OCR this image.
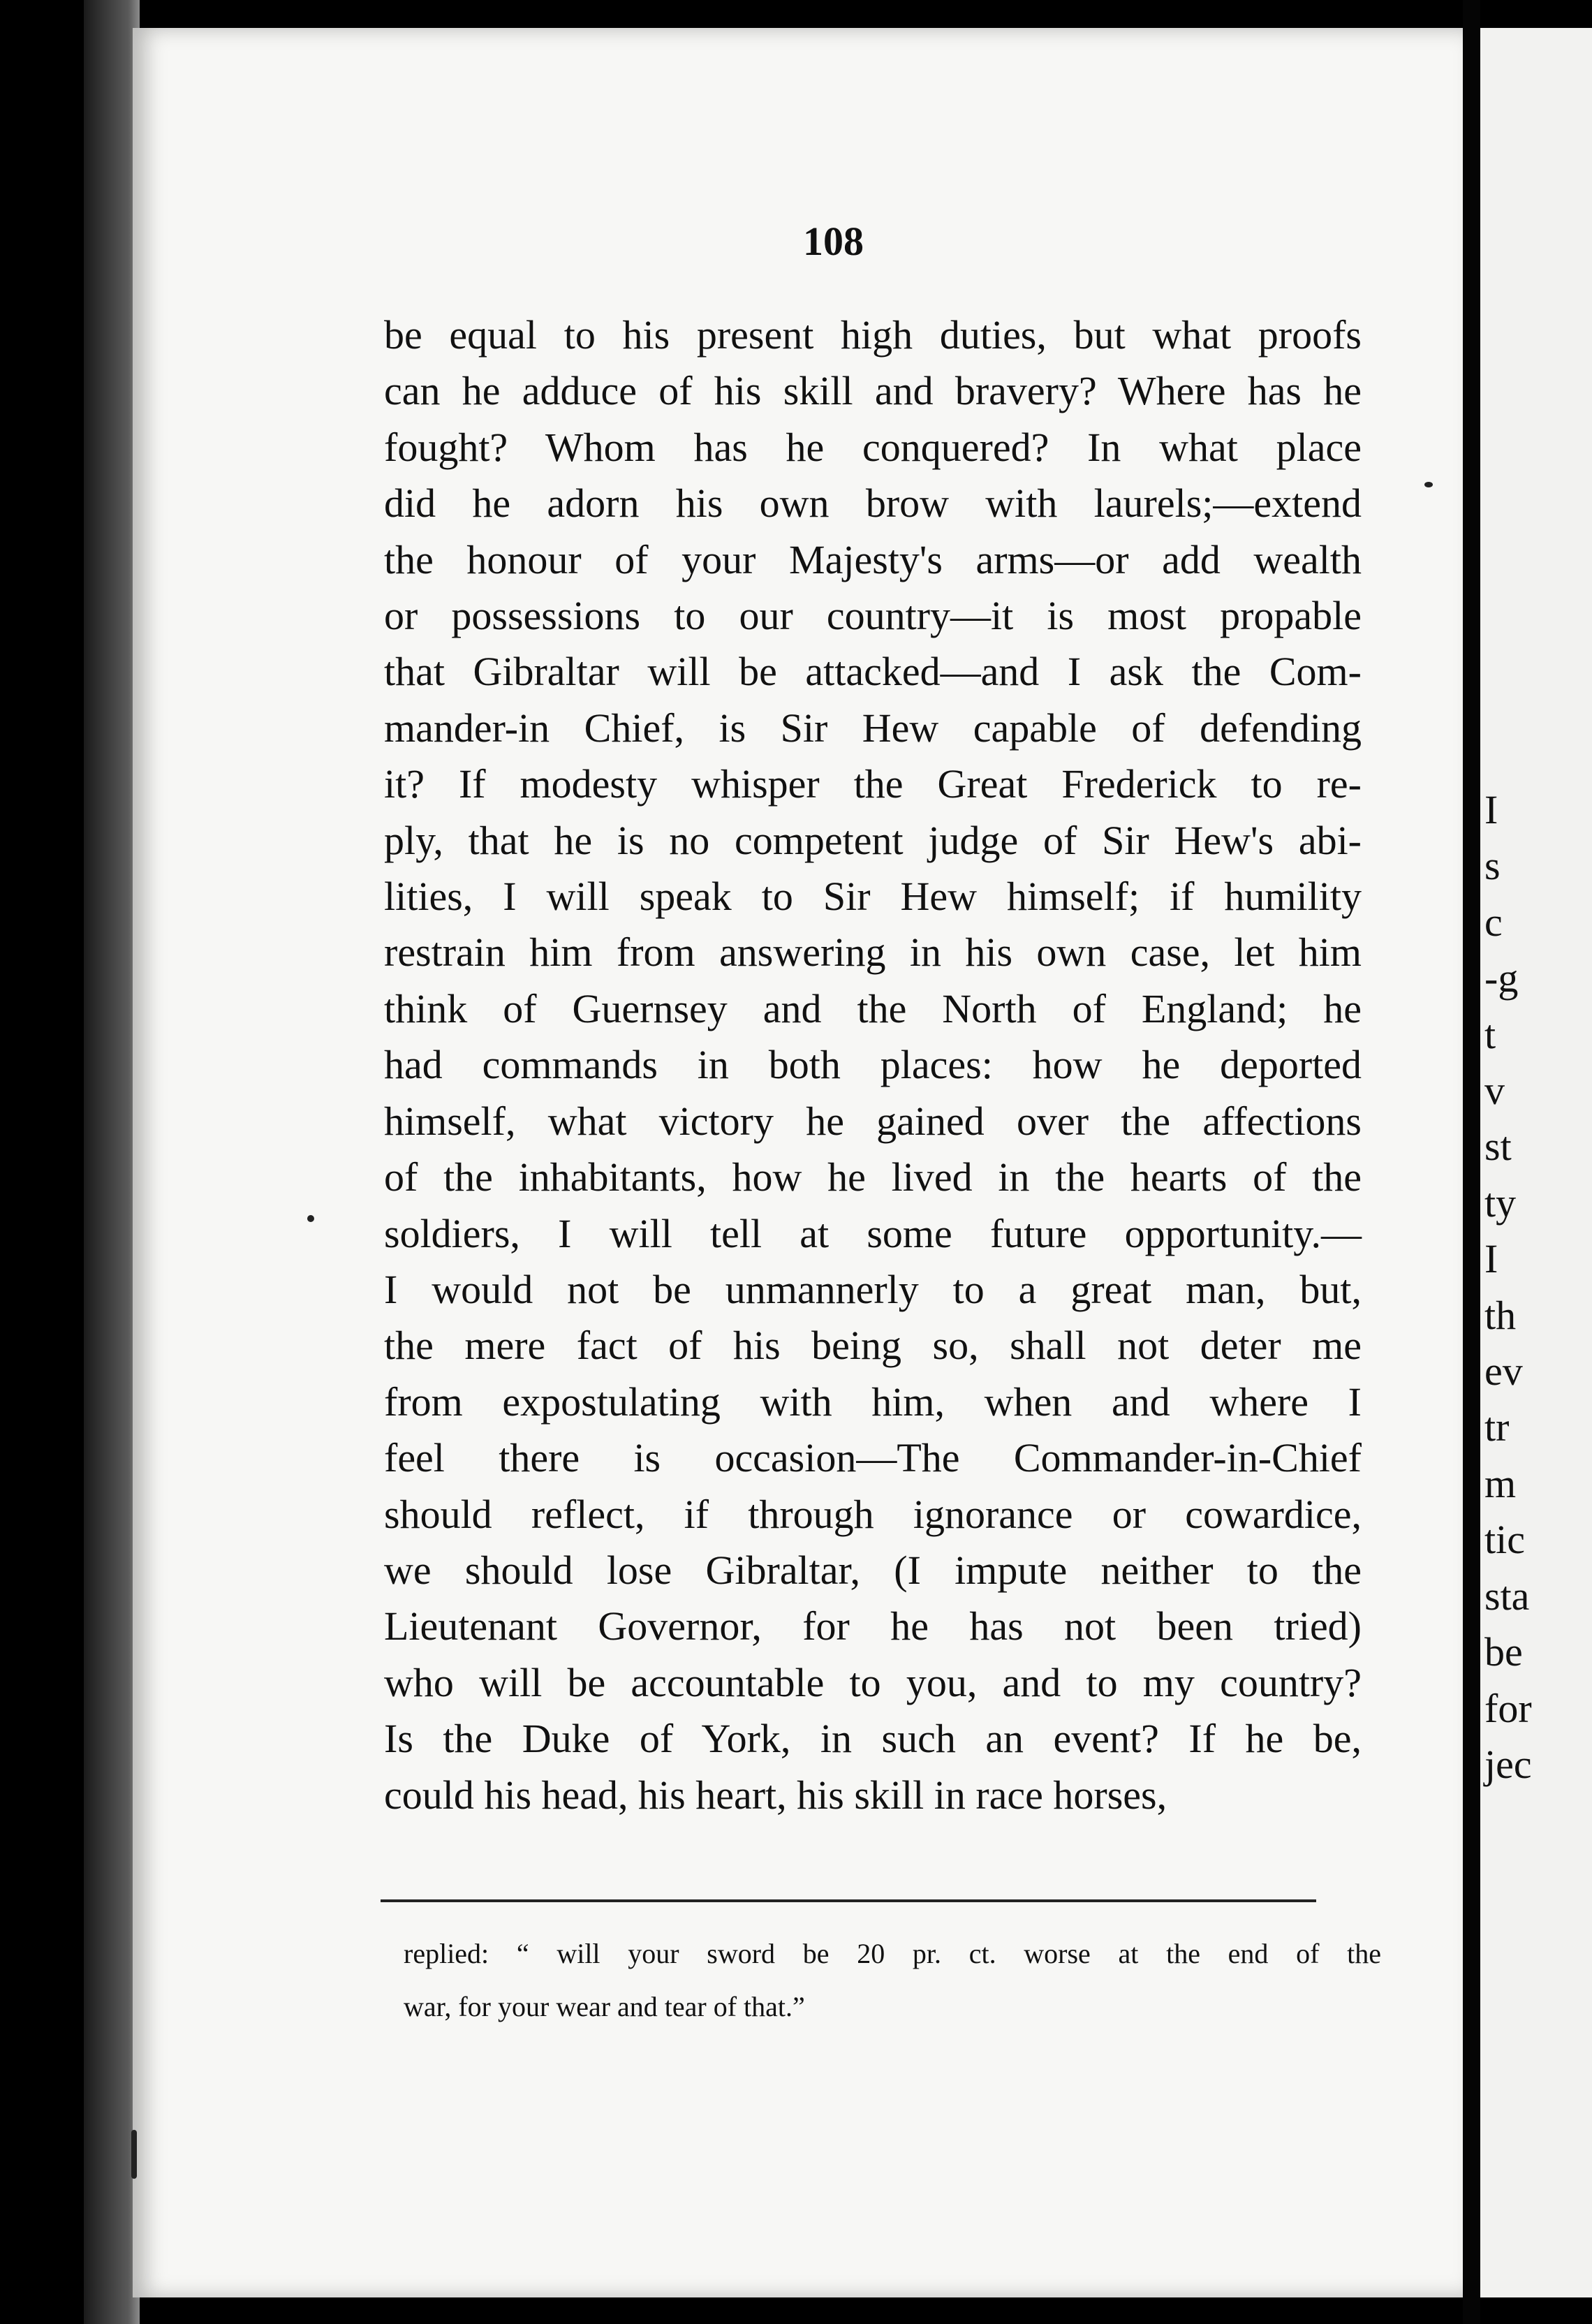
108
be equal to his present high duties, but what proofs
can he adduce of his skill and bravery? Where has he
fought? Whom has he conquered? In what place
did he adorn his own brow with laurels;—extend
the honour of your Majesty's arms—or add wealth
or possessions to our country—it is most propable
that Gibraltar will be attacked—and I ask the Com-
mander-in Chief, is Sir Hew capable of defending
it? If modesty whisper the Great Frederick to re-
ply, that he is no competent judge of Sir Hew's abi-
lities, I will speak to Sir Hew himself; if humility
restrain him from answering in his own case, let him
think of Guernsey and the North of England; he
had commands in both places: how he deported
himself, what victory he gained over the affections
of the inhabitants, how he lived in the hearts of the
soldiers, I will tell at some future opportunity.—
I would not be unmannerly to a great man, but,
the mere fact of his being so, shall not deter me
from expostulating with him, when and where I
feel there is occasion—The Commander-in-Chief
should reflect, if through ignorance or cowardice,
we should lose Gibraltar, (I impute neither to the
Lieutenant Governor, for he has not been tried)
who will be accountable to you, and to my country?
Is the Duke of York, in such an event? If he be,
could his head, his heart, his skill in race horses,
replied: “ will your sword be 20 pr. ct. worse at the end of the
war, for your wear and tear of that.”
I
s
c
-g
t
v
st
ty
I
th
ev
tr
m
tic
sta
be
for
jec
